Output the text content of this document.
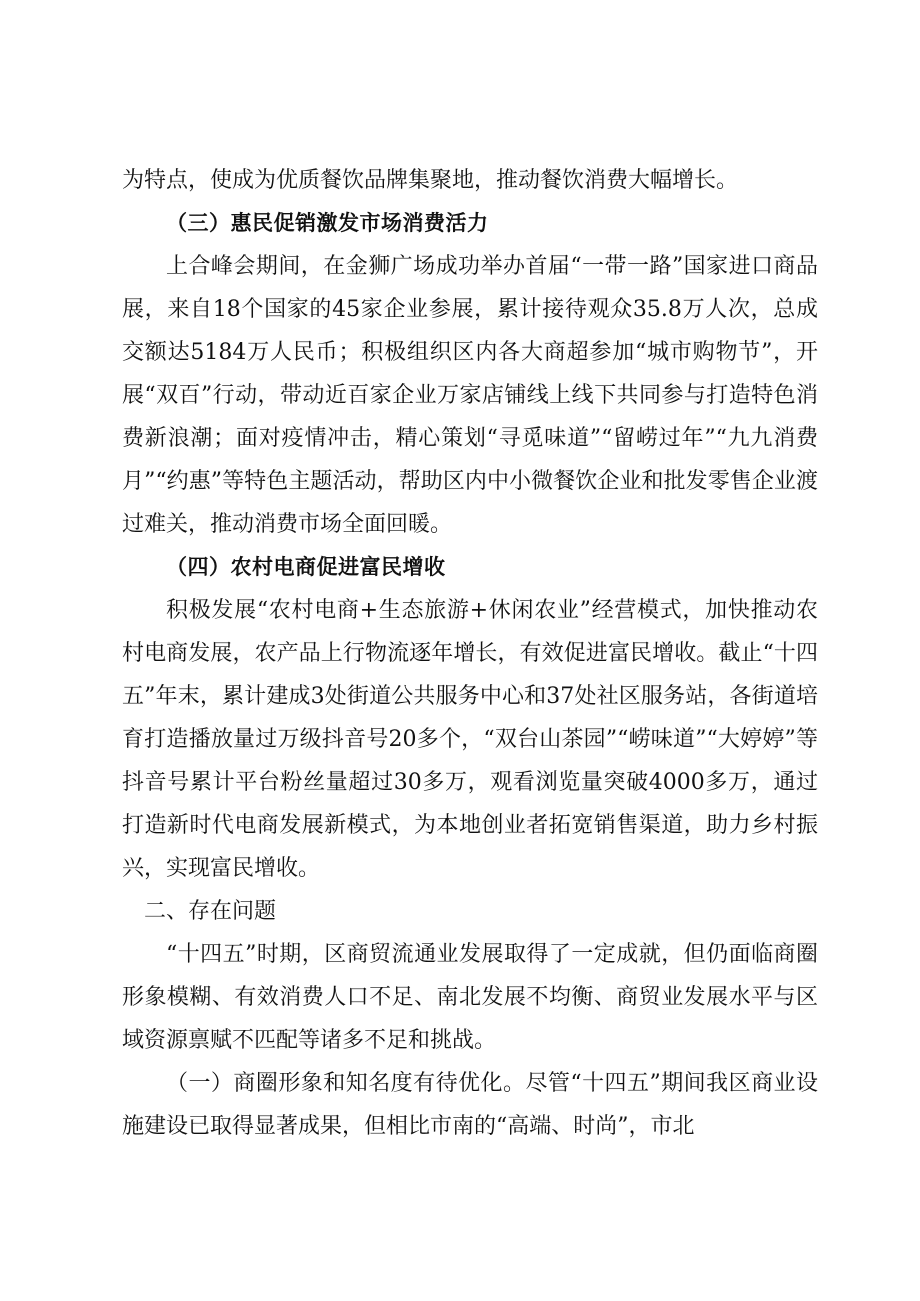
为特点，使成为优质餐饮品牌集聚地，推动餐饮消费大幅增长。

（三）惠民促销激发市场消费活力

上合峰会期间，在金狮广场成功举办首届“一带一路”国家进口商品展，来自18个国家的45家企业参展，累计接待观众35.8万人次，总成交额达5184万人民币；积极组织区内各大商超参加“城市购物节”，开展“双百”行动，带动近百家企业万家店铺线上线下共同参与打造特色消费新浪潮；面对疫情冲击，精心策划“寻觅味道”“留崂过年”“九九消费月”“约惠”等特色主题活动，帮助区内中小微餐饮企业和批发零售企业渡过难关，推动消费市场全面回暖。

（四）农村电商促进富民增收

积极发展“农村电商+生态旅游+休闲农业”经营模式，加快推动农村电商发展，农产品上行物流逐年增长，有效促进富民增收。截止“十四五”年末，累计建成3处街道公共服务中心和37处社区服务站，各街道培育打造播放量过万级抖音号20多个，“双台山茶园”“崂味道”“大婷婷”等抖音号累计平台粉丝量超过30多万，观看浏览量突破4000多万，通过打造新时代电商发展新模式，为本地创业者拓宽销售渠道，助力乡村振兴，实现富民增收。

二、存在问题

“十四五”时期，区商贸流通业发展取得了一定成就，但仍面临商圈形象模糊、有效消费人口不足、南北发展不均衡、商贸业发展水平与区域资源禀赋不匹配等诸多不足和挑战。

（一）商圈形象和知名度有待优化。尽管“十四五”期间我区商业设施建设已取得显著成果，但相比市南的“高端、时尚”，市北
